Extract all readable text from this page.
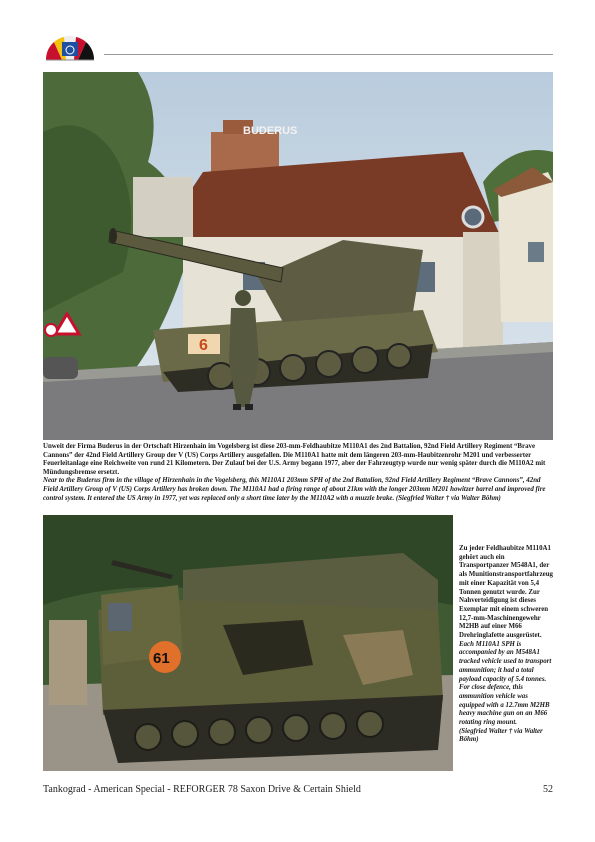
BUDERUS
6
Unweit der Firma Buderus in der Ortschaft Hirzenhain im Vogelsberg ist diese 203-mm-Feldhaubitze M110A1 des 2nd Battalion, 92nd Field Artillery Regiment “Brave Cannons” der 42nd Field Artillery Group der V (US) Corps Artillery ausgefallen. Die M110A1 hatte mit dem längeren 203-mm-Haubitzenrohr M201 und verbesserter Feuerleitanlage eine Reichweite von rund 21 Kilometern. Der Zulauf bei der U.S. Army begann 1977, aber der Fahrzeugtyp wurde nur wenig später durch die M110A2 mit Mündungsbremse ersetzt.
Near to the Buderus firm in the village of Hirzenhain in the Vogelsberg, this M110A1 203mm SPH of the 2nd Battalion, 92nd Field Artillery Regiment “Brave Cannons”, 42nd Field Artillery Group of V (US) Corps Artillery has broken down. The M110A1 had a firing range of about 21km with the longer 203mm M201 howitzer barrel and improved fire control system. It entered the US Army in 1977, yet was replaced only a short time later by the M110A2 with a muzzle brake. (Siegfried Walter † via Walter Böhm)
61
Zu jeder Feldhaubitze M110A1 gehört auch ein Transportpanzer M548A1, der als Munitionstransportfahrzeug mit einer Kapazität von 5,4 Tonnen genutzt wurde. Zur Nahverteidigung ist dieses Exemplar mit einem schweren 12,7-mm-Maschinengewehr M2HB auf einer M66 Drehringlafette ausgerüstet.
Each M110A1 SPH is accompanied by an M548A1 tracked vehicle used to transport ammunition; it had a total payload capacity of 5.4 tonnes. For close defence, this ammunition vehicle was equipped with a 12.7mm M2HB heavy machine gun on an M66 rotating ring mount.
(Siegfried Walter † via Walter Böhm)
Tankograd - American Special - REFORGER 78 Saxon Drive & Certain Shield	52
